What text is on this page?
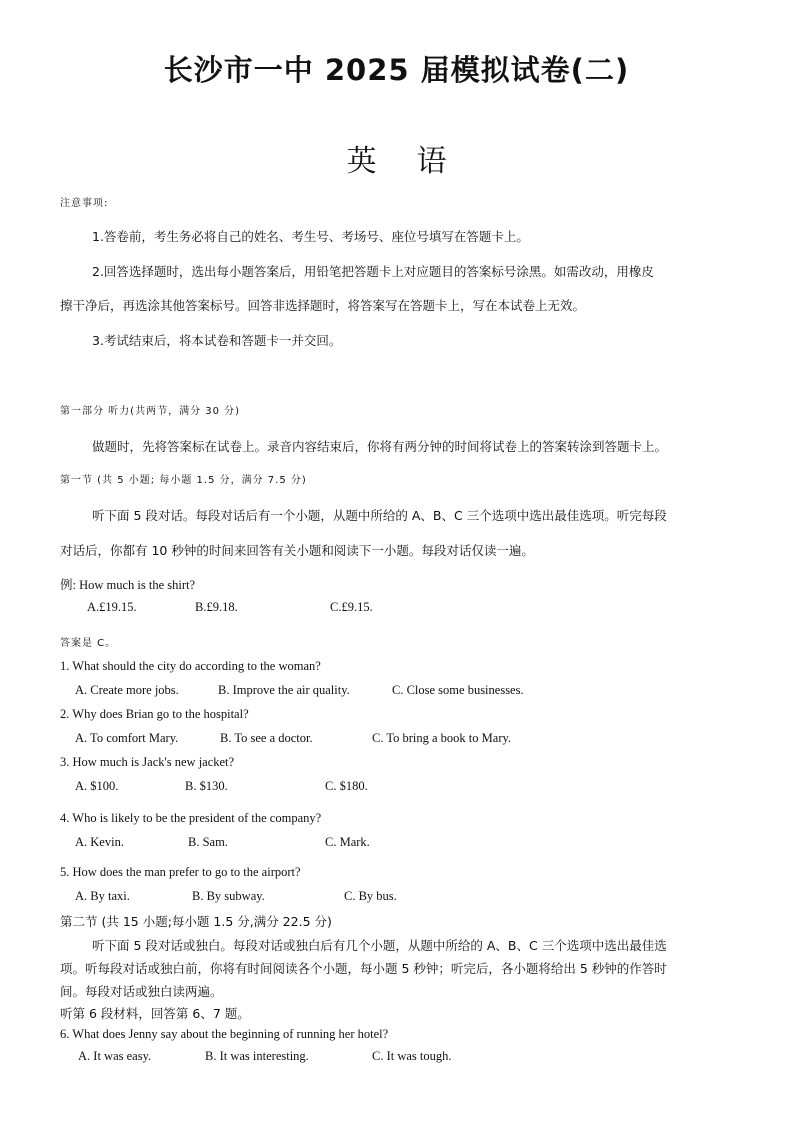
长沙市一中 2025 届模拟试卷(二)
英语
注意事项:
1.答卷前，考生务必将自己的姓名、考生号、考场号、座位号填写在答题卡上。
2.回答选择题时，选出每小题答案后，用铅笔把答题卡上对应题目的答案标号涂黑。如需改动，用橡皮
擦干净后，再选涂其他答案标号。回答非选择题时，将答案写在答题卡上，写在本试卷上无效。
3.考试结束后，将本试卷和答题卡一并交回。
第一部分 听力(共两节，满分 30 分)
做题时，先将答案标在试卷上。录音内容结束后，你将有两分钟的时间将试卷上的答案转涂到答题卡上。
第一节 (共 5 小题; 每小题 1.5 分，满分 7.5 分)
听下面 5 段对话。每段对话后有一个小题，从题中所给的 A、B、C 三个选项中选出最佳选项。听完每段
对话后，你都有 10 秒钟的时间来回答有关小题和阅读下一小题。每段对话仅读一遍。
例: How much is the shirt?
A.£19.15.	B.£9.18.	C.£9.15.
答案是 C。
1. What should the city do according to the woman?
A. Create more jobs.	B. Improve the air quality.	C. Close some businesses.
2. Why does Brian go to the hospital?
A. To comfort Mary.	B. To see a doctor.	C. To bring a book to Mary.
3. How much is Jack's new jacket?
A. $100.	B. $130.	C. $180.
4. Who is likely to be the president of the company?
A. Kevin.	B. Sam.	C. Mark.
5. How does the man prefer to go to the airport?
A. By taxi.	B. By subway.	C. By bus.
第二节 (共 15 小题;每小题 1.5 分,满分 22.5 分)
听下面 5 段对话或独白。每段对话或独白后有几个小题，从题中所给的 A、B、C 三个选项中选出最佳选
项。听每段对话或独白前，你将有时间阅读各个小题，每小题 5 秒钟；听完后，各小题将给出 5 秒钟的作答时
间。每段对话或独白读两遍。
听第 6 段材料，回答第 6、7 题。
6. What does Jenny say about the beginning of running her hotel?
A. It was easy.	B. It was interesting.	C. It was tough.
